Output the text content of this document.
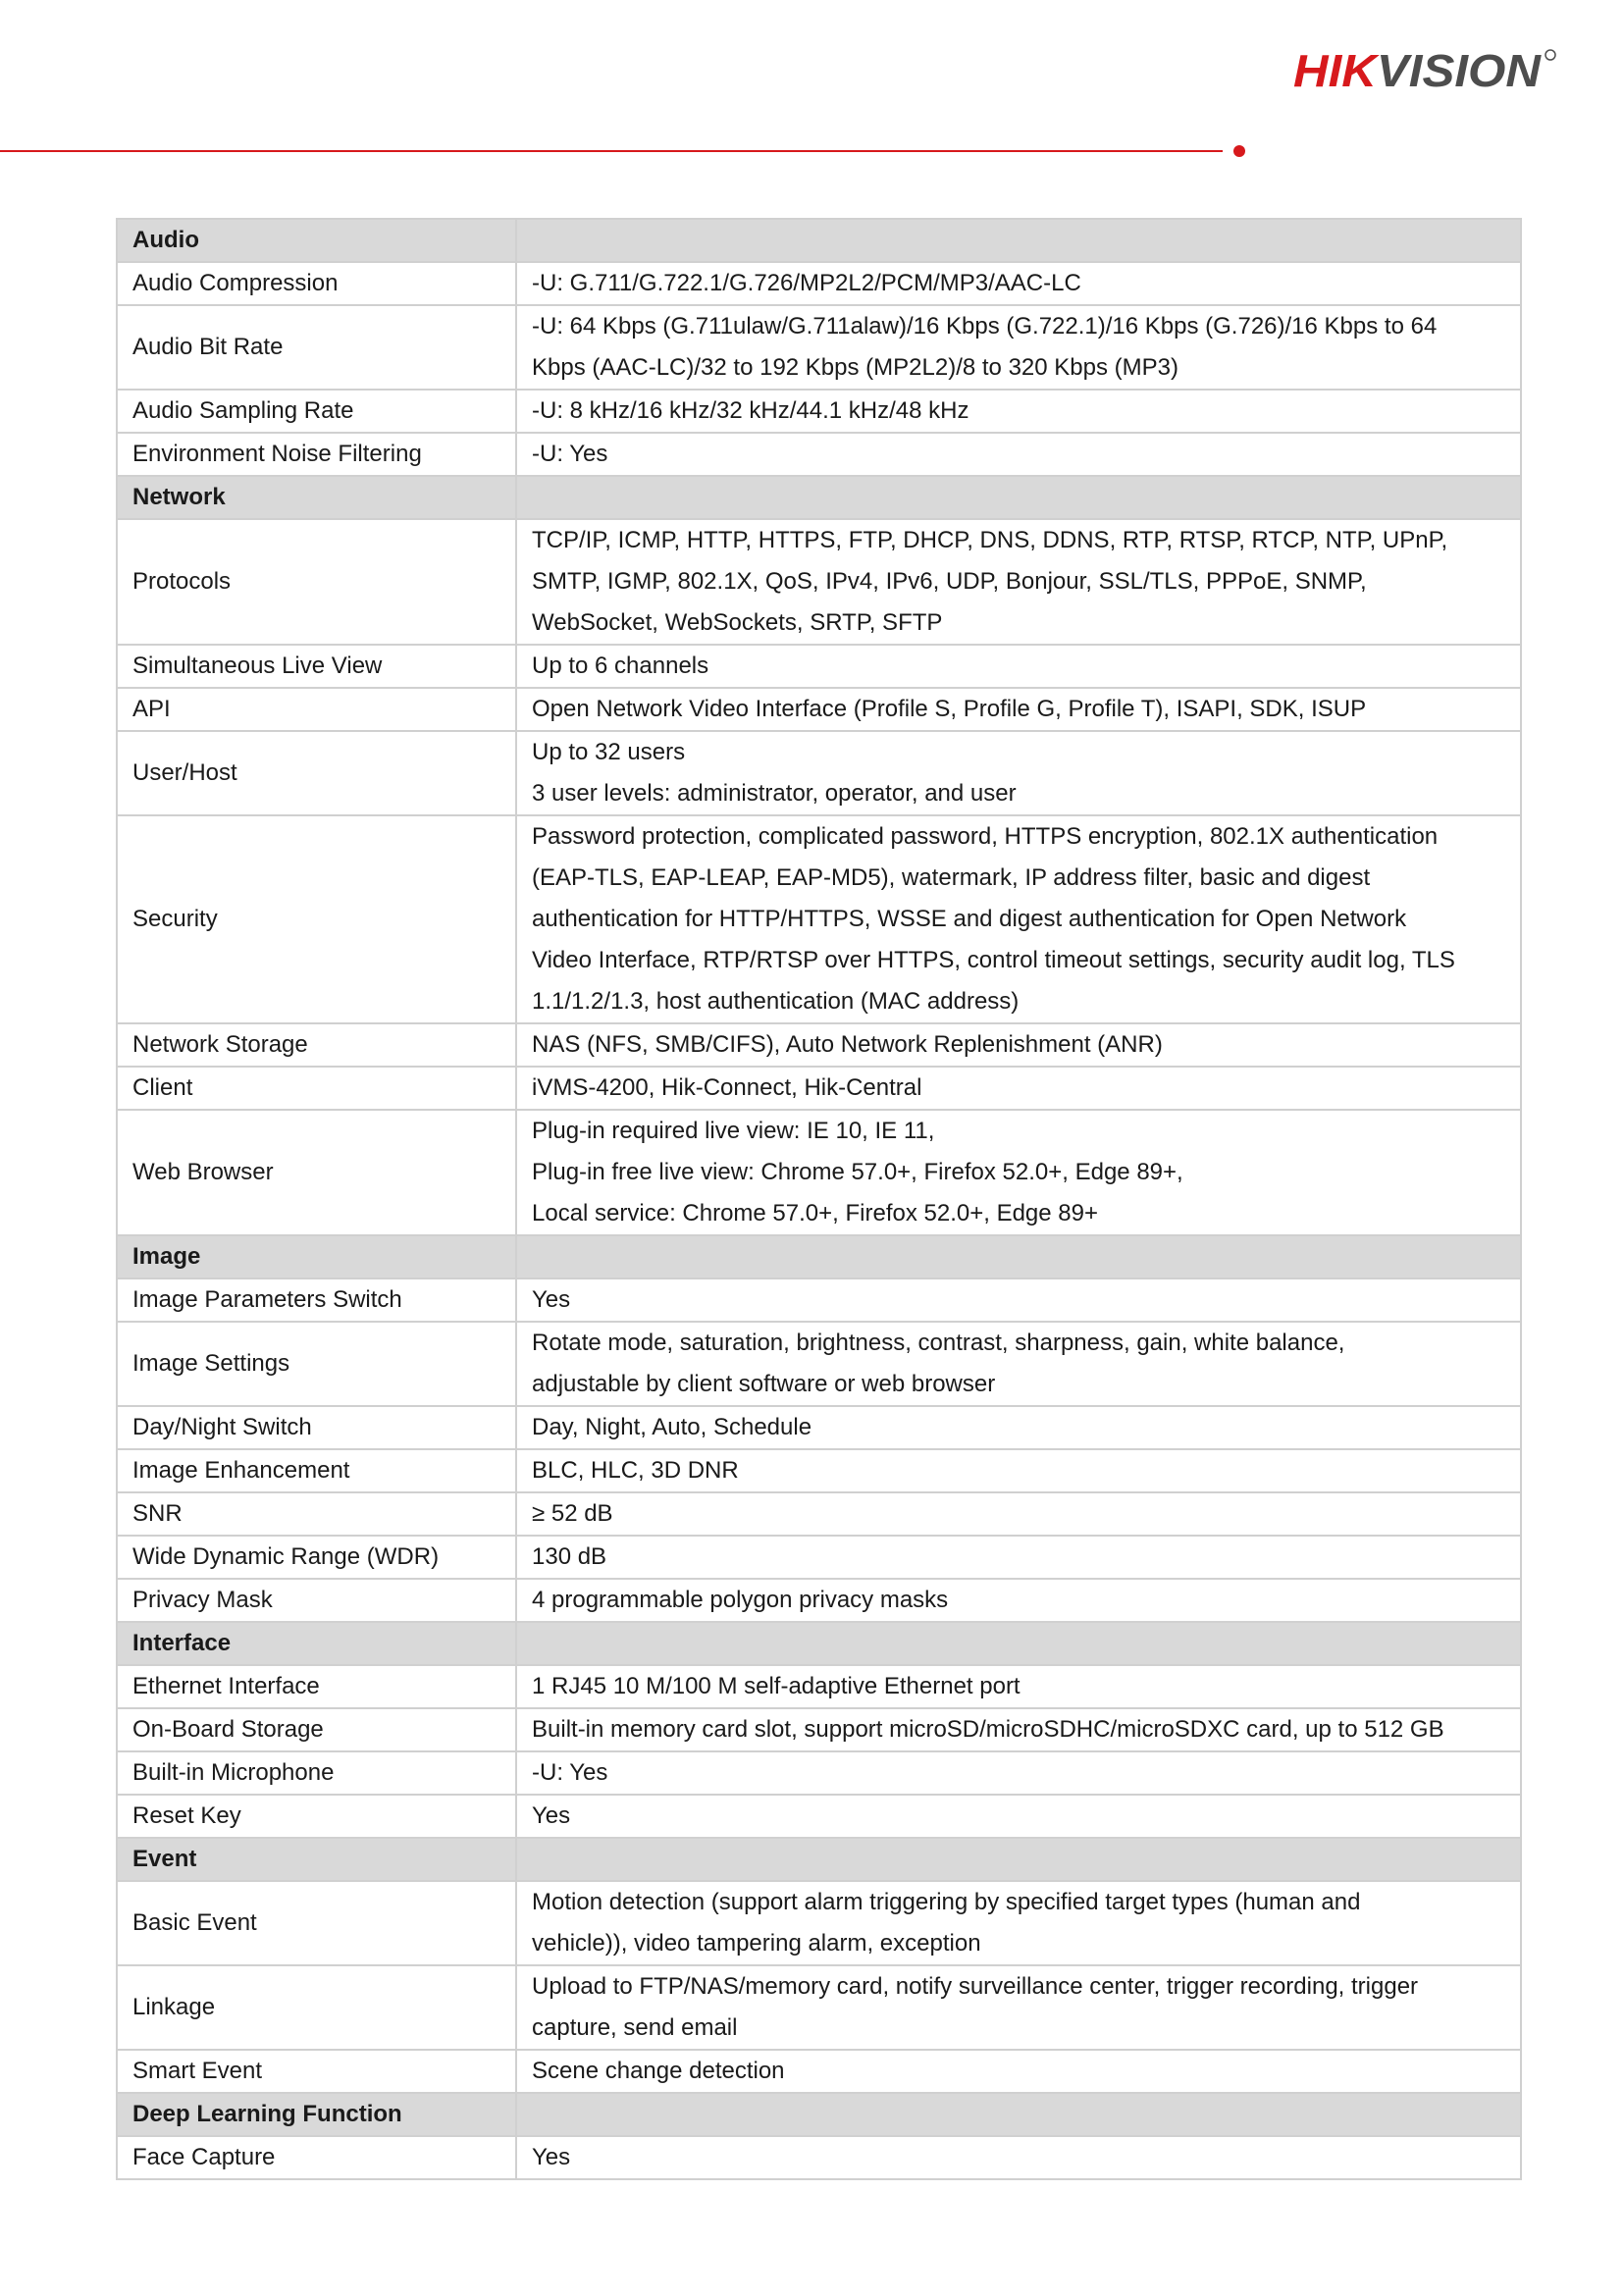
HIK VISION
Audio	
Audio Compression	-U: G.711/G.722.1/G.726/MP2L2/PCM/MP3/AAC-LC

Audio Bit Rate	-U: 64 Kbps (G.711ulaw/G.711alaw)/16 Kbps (G.722.1)/16 Kbps (G.726)/16 Kbps to 64
Kbps (AAC-LC)/32 to 192 Kbps (MP2L2)/8 to 320 Kbps (MP3)

Audio Sampling Rate	-U: 8 kHz/16 kHz/32 kHz/44.1 kHz/48 kHz

Environment Noise Filtering	-U: Yes

Network	
Protocols	TCP/IP, ICMP, HTTP, HTTPS, FTP, DHCP, DNS, DDNS, RTP, RTSP, RTCP, NTP, UPnP,
SMTP, IGMP, 802.1X, QoS, IPv4, IPv6, UDP, Bonjour, SSL/TLS, PPPoE, SNMP,
WebSocket, WebSockets, SRTP, SFTP

Simultaneous Live View	Up to 6 channels

API	Open Network Video Interface (Profile S, Profile G, Profile T), ISAPI, SDK, ISUP

User/Host	Up to 32 users
3 user levels: administrator, operator, and user

Security	Password protection, complicated password, HTTPS encryption, 802.1X authentication
(EAP-TLS, EAP-LEAP, EAP-MD5), watermark, IP address filter, basic and digest
authentication for HTTP/HTTPS, WSSE and digest authentication for Open Network
Video Interface, RTP/RTSP over HTTPS, control timeout settings, security audit log, TLS
1.1/1.2/1.3, host authentication (MAC address)

Network Storage	NAS (NFS, SMB/CIFS), Auto Network Replenishment (ANR)

Client	iVMS-4200, Hik-Connect, Hik-Central

Web Browser	Plug-in required live view: IE 10, IE 11,
Plug-in free live view: Chrome 57.0+, Firefox 52.0+, Edge 89+,
Local service: Chrome 57.0+, Firefox 52.0+, Edge 89+

Image	
Image Parameters Switch	Yes

Image Settings	Rotate mode, saturation, brightness, contrast, sharpness, gain, white balance,
adjustable by client software or web browser

Day/Night Switch	Day, Night, Auto, Schedule

Image Enhancement	BLC, HLC, 3D DNR

SNR	≥ 52 dB

Wide Dynamic Range (WDR)	130 dB

Privacy Mask	4 programmable polygon privacy masks

Interface	
Ethernet Interface	1 RJ45 10 M/100 M self-adaptive Ethernet port

On-Board Storage	Built-in memory card slot, support microSD/microSDHC/microSDXC card, up to 512 GB

Built-in Microphone	-U: Yes

Reset Key	Yes

Event	
Basic Event	Motion detection (support alarm triggering by specified target types (human and
vehicle)), video tampering alarm, exception

Linkage	Upload to FTP/NAS/memory card, notify surveillance center, trigger recording, trigger
capture, send email

Smart Event	Scene change detection

Deep Learning Function	
Face Capture	Yes
